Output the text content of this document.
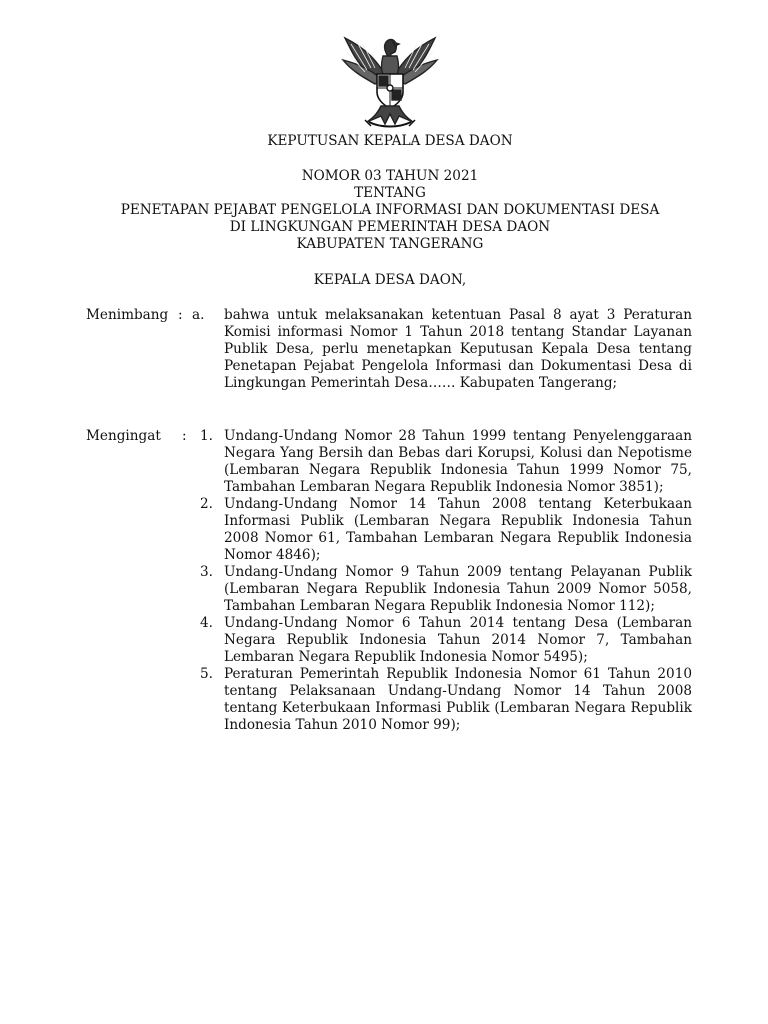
KEPUTUSAN KEPALA DESA DAON
NOMOR 03 TAHUN 2021
TENTANG
PENETAPAN PEJABAT PENGELOLA INFORMASI DAN DOKUMENTASI DESA
DI LINGKUNGAN PEMERINTAH DESA DAON
KABUPATEN TANGERANG
KEPALA DESA DAON,
Menimbang : a.	bahwa untuk melaksanakan ketentuan Pasal 8 ayat 3 Peraturan Komisi informasi Nomor 1 Tahun 2018 tentang Standar Layanan Publik Desa, perlu menetapkan Keputusan Kepala Desa tentang Penetapan Pejabat Pengelola Informasi dan Dokumentasi Desa di Lingkungan Pemerintah Desa…… Kabupaten Tangerang;
Mengingat : 1. Undang-Undang Nomor 28 Tahun 1999 tentang Penyelenggaraan Negara Yang Bersih dan Bebas dari Korupsi, Kolusi dan Nepotisme (Lembaran Negara Republik Indonesia Tahun 1999 Nomor 75, Tambahan Lembaran Negara Republik Indonesia Nomor 3851);
2. Undang-Undang Nomor 14 Tahun 2008 tentang Keterbukaan Informasi Publik (Lembaran Negara Republik Indonesia Tahun 2008 Nomor 61, Tambahan Lembaran Negara Republik Indonesia Nomor 4846);
3. Undang-Undang Nomor 9 Tahun 2009 tentang Pelayanan Publik (Lembaran Negara Republik Indonesia Tahun 2009 Nomor 5058, Tambahan Lembaran Negara Republik Indonesia Nomor 112);
4. Undang-Undang Nomor 6 Tahun 2014 tentang Desa (Lembaran Negara Republik Indonesia Tahun 2014 Nomor 7, Tambahan Lembaran Negara Republik Indonesia Nomor 5495);
5. Peraturan Pemerintah Republik Indonesia Nomor 61 Tahun 2010 tentang Pelaksanaan Undang-Undang Nomor 14 Tahun 2008 tentang Keterbukaan Informasi Publik (Lembaran Negara Republik Indonesia Tahun 2010 Nomor 99);
